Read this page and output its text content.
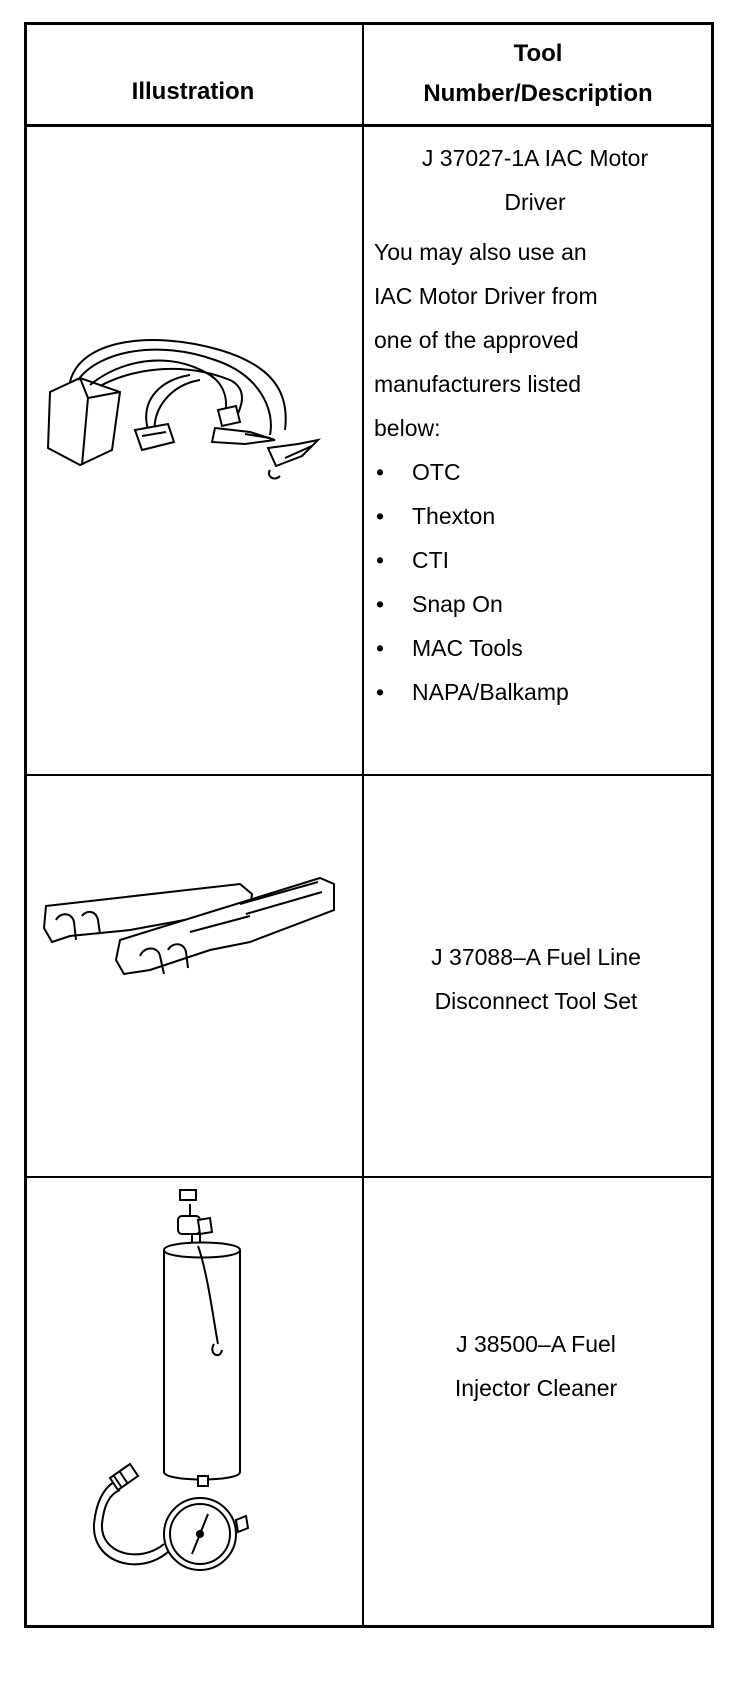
Illustration
Tool
Number/Description
J 37027-1A IAC Motor
Driver
You may also use an
IAC Motor Driver from
one of the approved
manufacturers listed
below:
• OTC
• Thexton
• CTI
• Snap On
• MAC Tools
• NAPA/Balkamp
J 37088–A Fuel Line
Disconnect Tool Set
J 38500–A Fuel
Injector Cleaner
